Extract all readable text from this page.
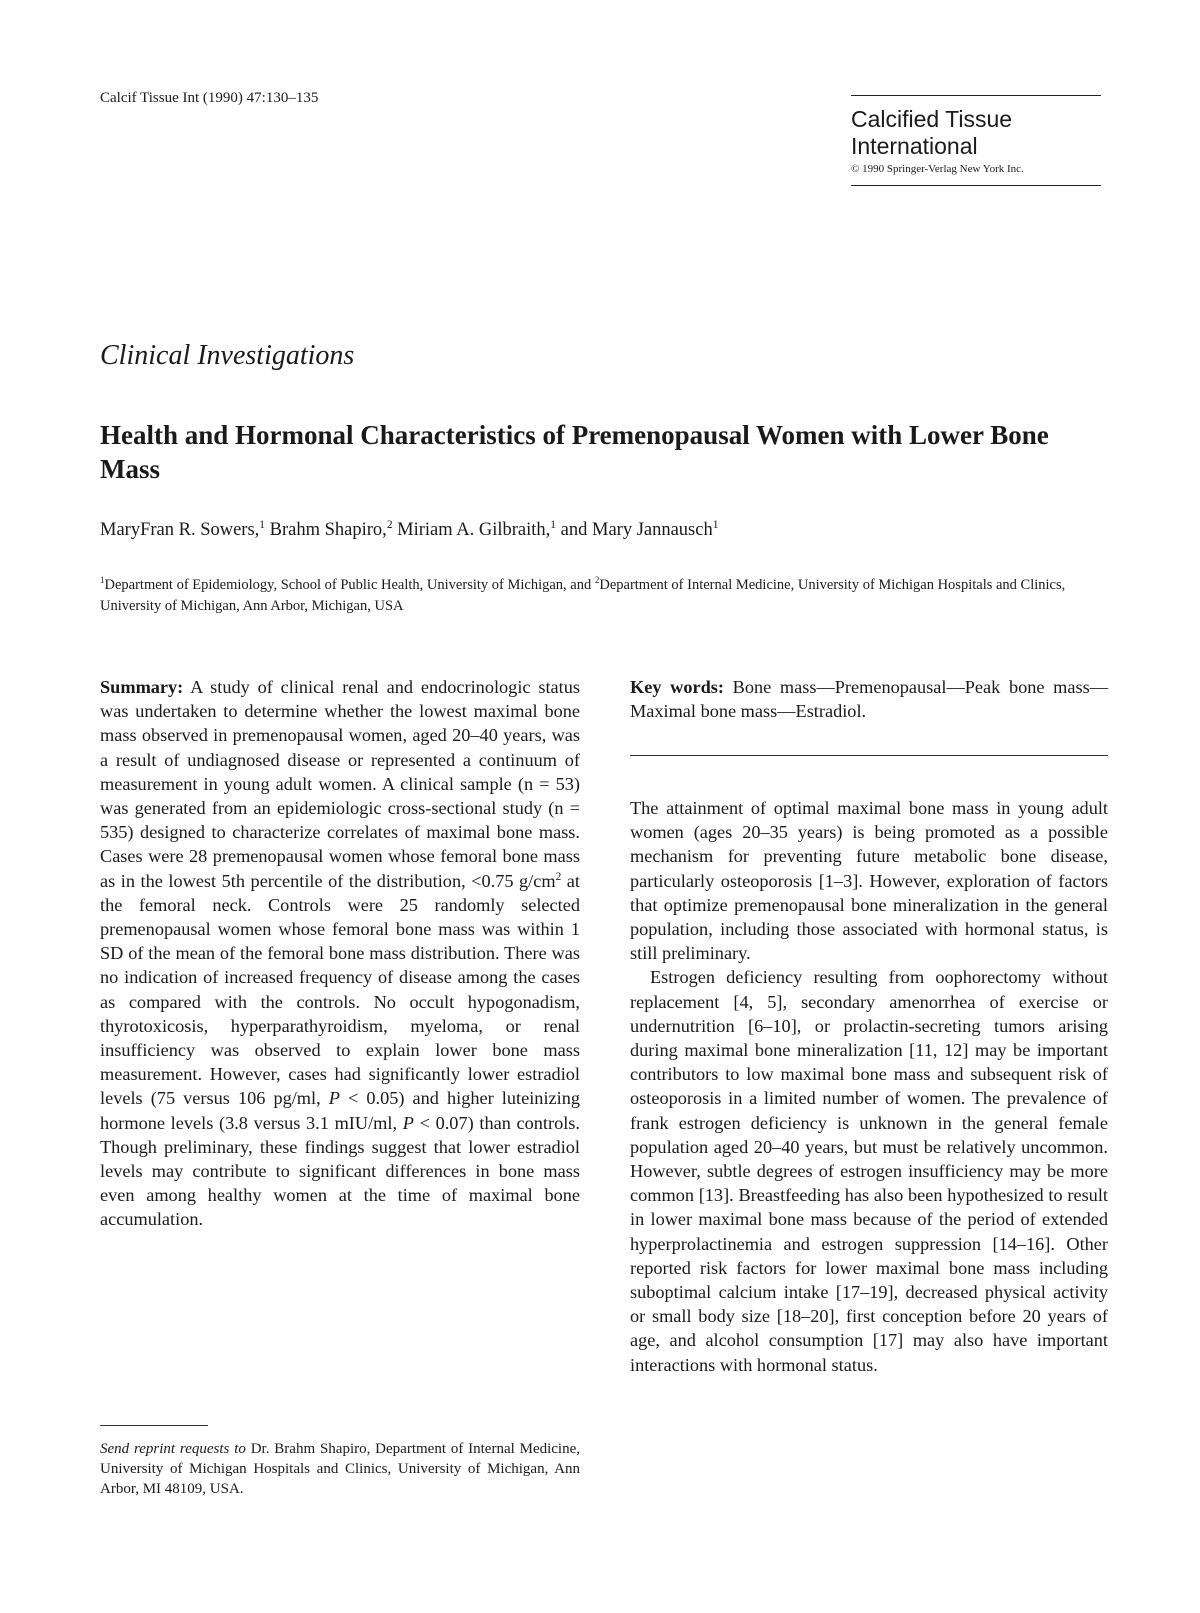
Calcif Tissue Int (1990) 47:130–135
Calcified Tissue
International
© 1990 Springer-Verlag New York Inc.
Clinical Investigations
Health and Hormonal Characteristics of Premenopausal Women with Lower Bone Mass
MaryFran R. Sowers,$^1$ Brahm Shapiro,$^2$ Miriam A. Gilbraith,$^1$ and Mary Jannausch$^1$
$^1$Department of Epidemiology, School of Public Health, University of Michigan, and $^2$Department of Internal Medicine, University of Michigan Hospitals and Clinics, University of Michigan, Ann Arbor, Michigan, USA

Summary: A study of clinical renal and endocrinologic status was undertaken to determine whether the lowest maximal bone mass observed in premenopausal women, aged 20–40 years, was a result of undiagnosed disease or represented a continuum of measurement in young adult women. A clinical sample (n = 53) was generated from an epidemiologic cross-sectional study (n = 535) designed to characterize correlates of maximal bone mass. Cases were 28 premenopausal women whose femoral bone mass as in the lowest 5th percentile of the distribution, <0.75 $g/cm^2$ at the femoral neck. Controls were 25 randomly selected premenopausal women whose femoral bone mass was within 1 SD of the mean of the femoral bone mass distribution. There was no indication of increased frequency of disease among the cases as compared with the controls. No occult hypogonadism, thyrotoxicosis, hyperparathyroidism, myeloma, or renal insufficiency was observed to explain lower bone mass measurement. However, cases had significantly lower estradiol levels (75 versus 106 pg/ml, P < 0.05) and higher luteinizing hormone levels (3.8 versus 3.1 mIU/ml, P < 0.07) than controls. Though preliminary, these findings suggest that lower estradiol levels may contribute to significant differences in bone mass even among healthy women at the time of maximal bone accumulation.

Key words: Bone mass—Premenopausal—Peak bone mass—Maximal bone mass—Estradiol.

The attainment of optimal maximal bone mass in young adult women (ages 20–35 years) is being promoted as a possible mechanism for preventing future metabolic bone disease, particularly osteoporosis [1–3]. However, exploration of factors that optimize premenopausal bone mineralization in the general population, including those associated with hormonal status, is still preliminary.

Estrogen deficiency resulting from oophorectomy without replacement [4, 5], secondary amenorrhea of exercise or undernutrition [6–10], or prolactin-secreting tumors arising during maximal bone mineralization [11, 12] may be important contributors to low maximal bone mass and subsequent risk of osteoporosis in a limited number of women. The prevalence of frank estrogen deficiency is unknown in the general female population aged 20–40 years, but must be relatively uncommon. However, subtle degrees of estrogen insufficiency may be more common [13]. Breastfeeding has also been hypothesized to result in lower maximal bone mass because of the period of extended hyperprolactinemia and estrogen suppression [14–16]. Other reported risk factors for lower maximal bone mass including suboptimal calcium intake [17–19], decreased physical activity or small body size [18–20], first conception before 20 years of age, and alcohol consumption [17] may also have important interactions with hormonal status.

Send reprint requests to Dr. Brahm Shapiro, Department of Internal Medicine, University of Michigan Hospitals and Clinics, University of Michigan, Ann Arbor, MI 48109, USA.
